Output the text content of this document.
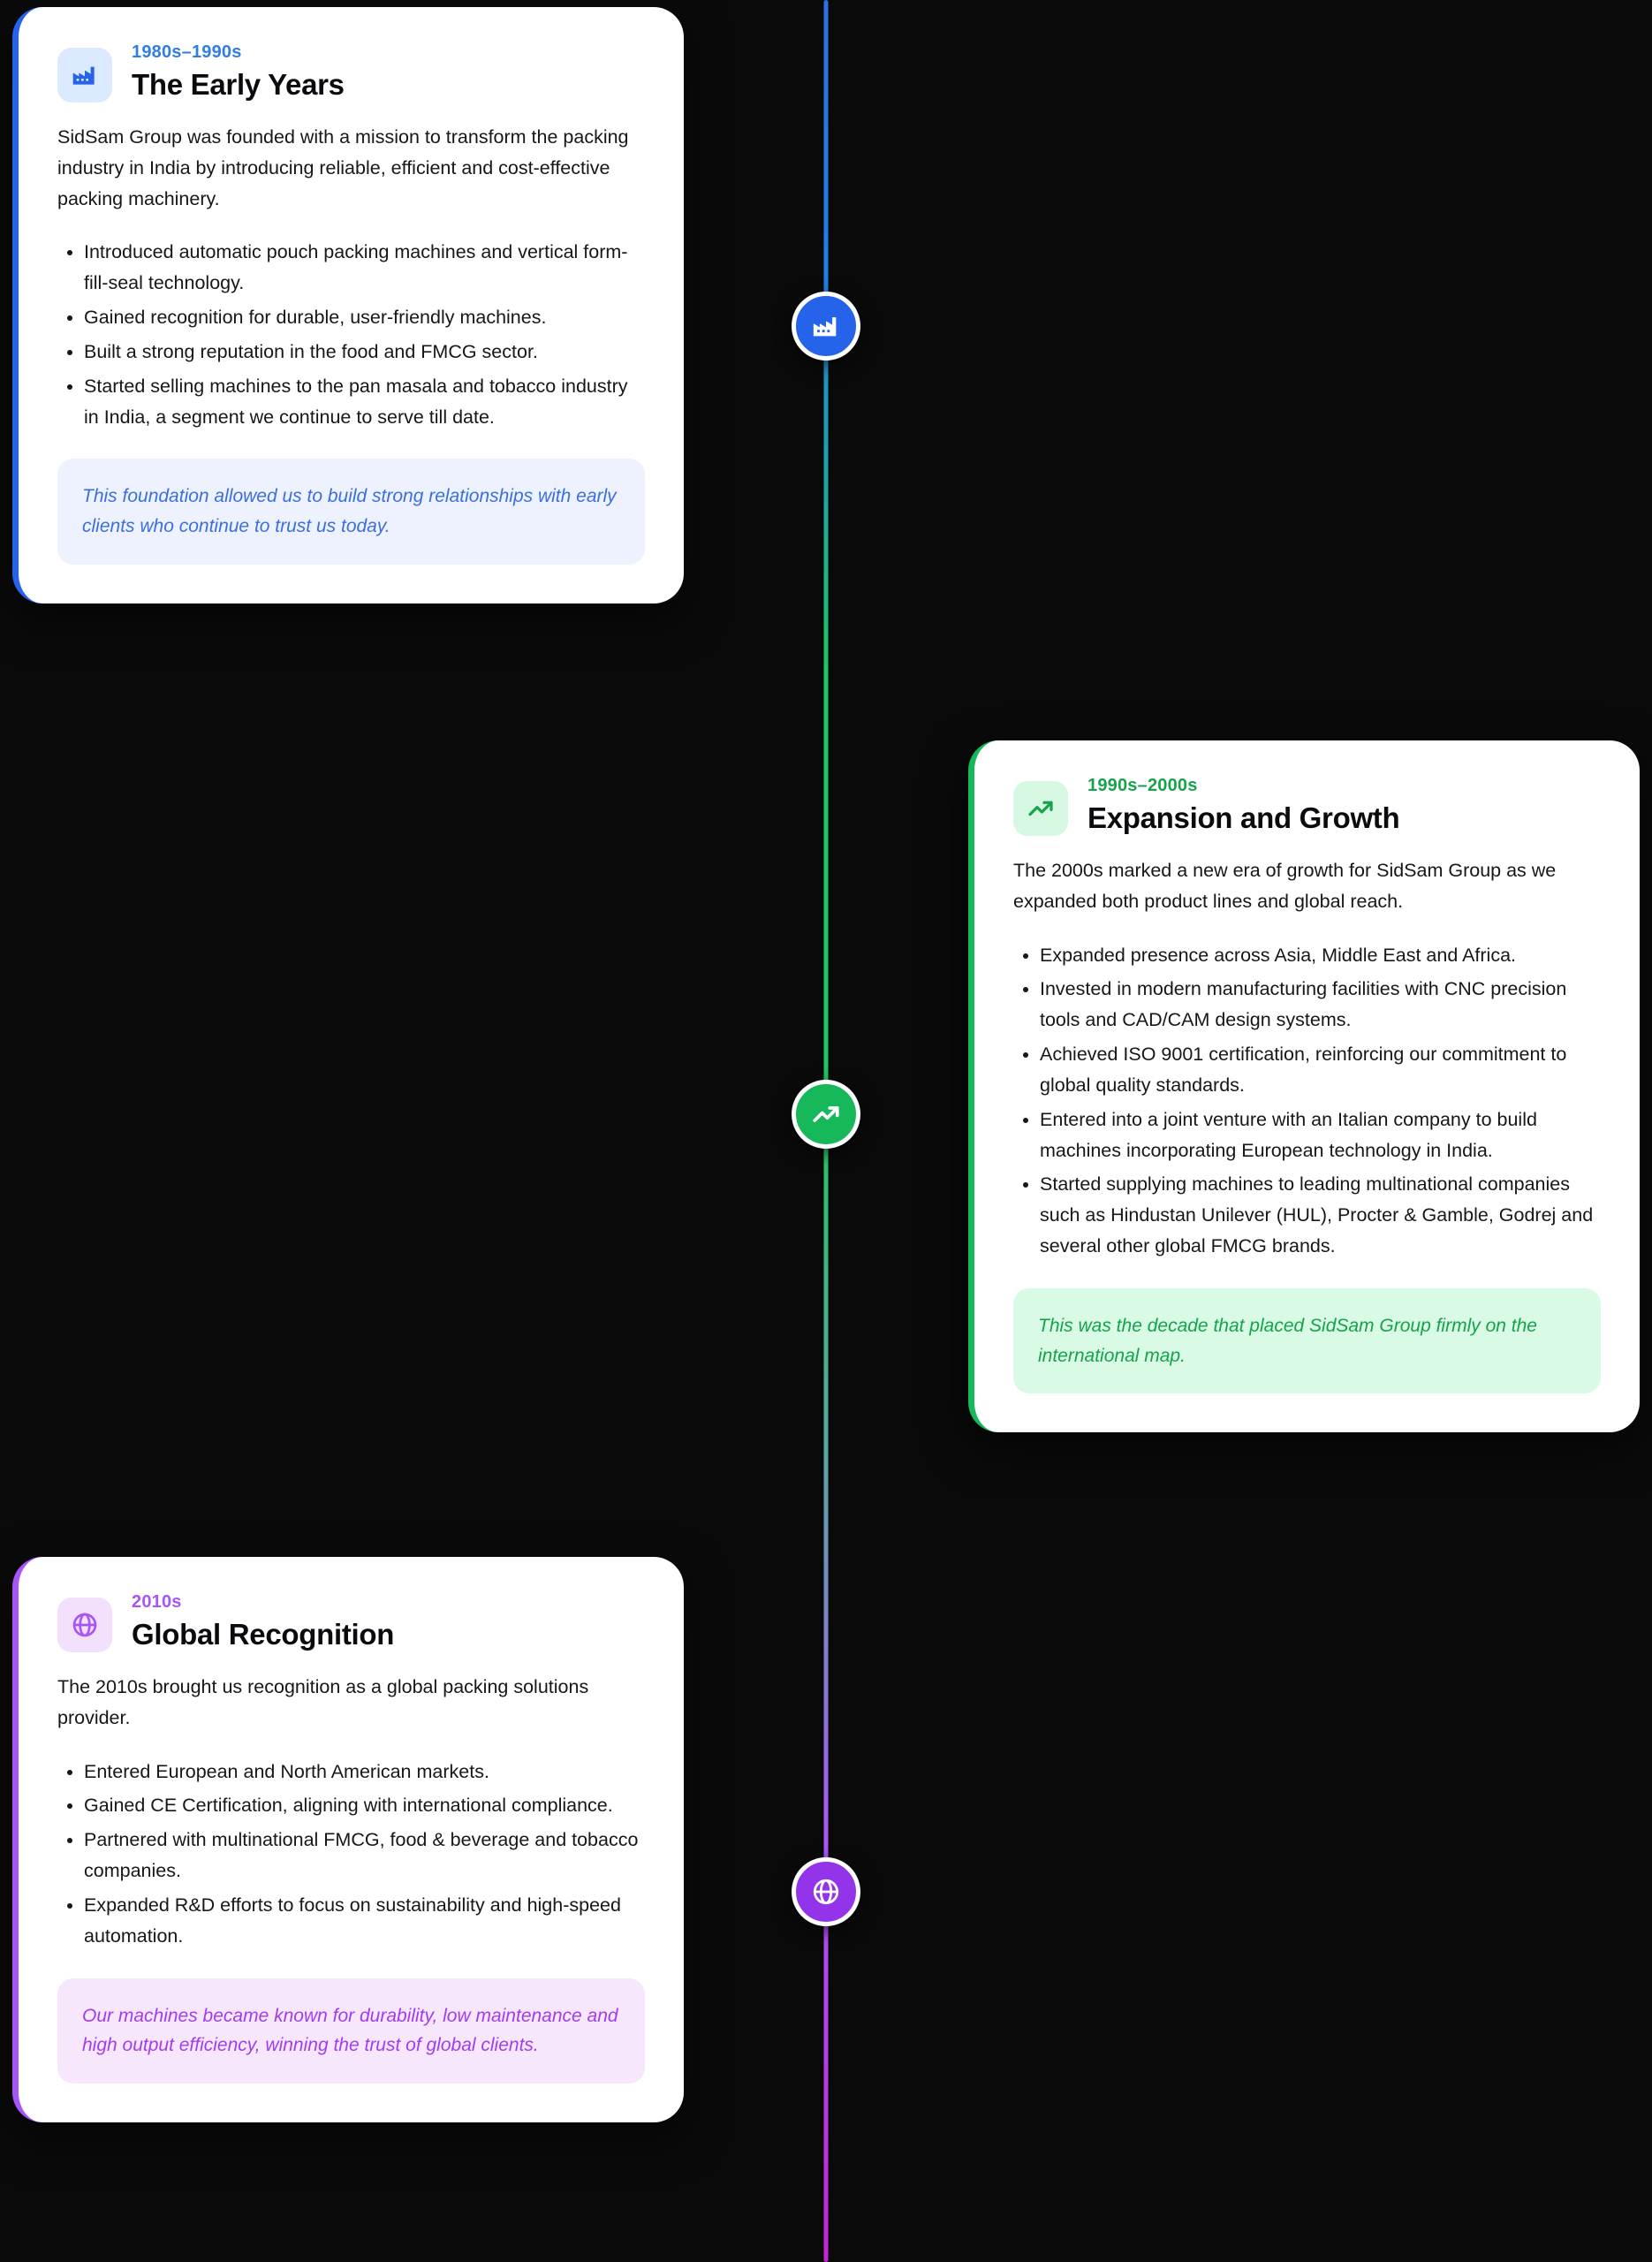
1980s–1990s
The Early Years

SidSam Group was founded with a mission to transform the packing industry in India by introducing reliable, efficient and cost-effective packing machinery.

• Introduced automatic pouch packing machines and vertical form-fill-seal technology.
• Gained recognition for durable, user-friendly machines.
• Built a strong reputation in the food and FMCG sector.
• Started selling machines to the pan masala and tobacco industry in India, a segment we continue to serve till date.
This foundation allowed us to build strong relationships with early clients who continue to trust us today.
1990s–2000s
Expansion and Growth

The 2000s marked a new era of growth for SidSam Group as we expanded both product lines and global reach.

• Expanded presence across Asia, Middle East and Africa.
• Invested in modern manufacturing facilities with CNC precision tools and CAD/CAM design systems.
• Achieved ISO 9001 certification, reinforcing our commitment to global quality standards.
• Entered into a joint venture with an Italian company to build machines incorporating European technology in India.
• Started supplying machines to leading multinational companies such as Hindustan Unilever (HUL), Procter & Gamble, Godrej and several other global FMCG brands.
This was the decade that placed SidSam Group firmly on the international map.
2010s
Global Recognition

The 2010s brought us recognition as a global packing solutions provider.

• Entered European and North American markets.
• Gained CE Certification, aligning with international compliance.
• Partnered with multinational FMCG, food & beverage and tobacco companies.
• Expanded R&D efforts to focus on sustainability and high-speed automation.
Our machines became known for durability, low maintenance and high output efficiency, winning the trust of global clients.
